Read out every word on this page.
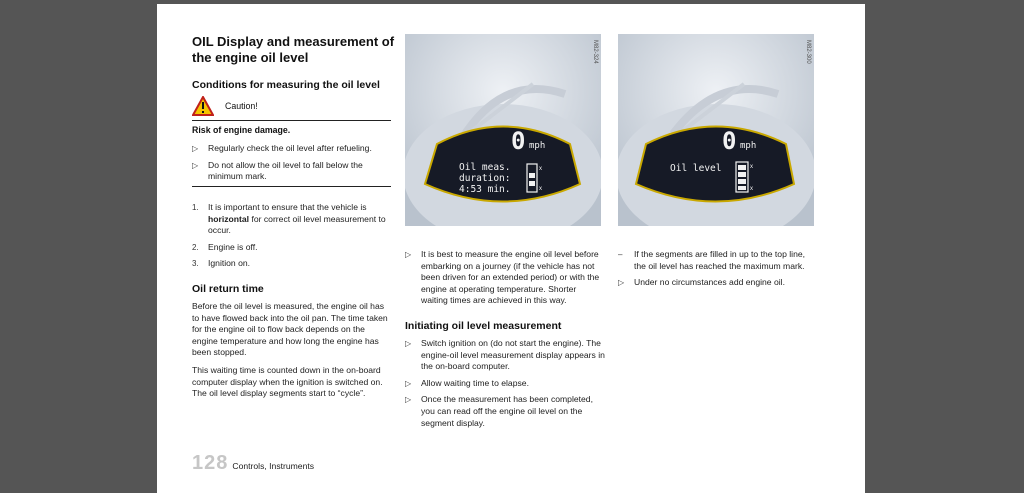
OIL Display and measurement of the engine oil level
Conditions for measuring the oil level
Caution!
Risk of engine damage.
▷	Regularly check the oil level after refueling.
▷	Do not allow the oil level to fall below the minimum mark.
1.	It is important to ensure that the vehicle is horizontal for correct oil level measurement to occur.
2.	Engine is off.
3.	Ignition on.
Oil return time
Before the oil level is measured, the engine oil has to have flowed back into the oil pan. The time taken for the engine oil to flow back depends on the engine temperature and how long the engine has been stopped.
This waiting time is counted down in the on-board computer display when the ignition is switched on. The oil level display segments start to “cycle”.
128 Controls, Instruments
0 mph
Oil meas.
duration:
4:53 min.
x
x
M82-324
0 mph
Oil level	x
x
M82-300
▷	It is best to measure the engine oil level before embarking on a journey (if the vehicle has not been driven for an extended period) or with the engine at operating temperature. Shorter waiting times are achieved in this way.
Initiating oil level measurement
▷	Switch ignition on (do not start the engine). The engine-oil level measurement display appears in the on-board computer.
▷	Allow waiting time to elapse.
▷	Once the measurement has been completed, you can read off the engine oil level on the segment display.
–	If the segments are filled in up to the top line, the oil level has reached the maximum mark.
▷	Under no circumstances add engine oil.
